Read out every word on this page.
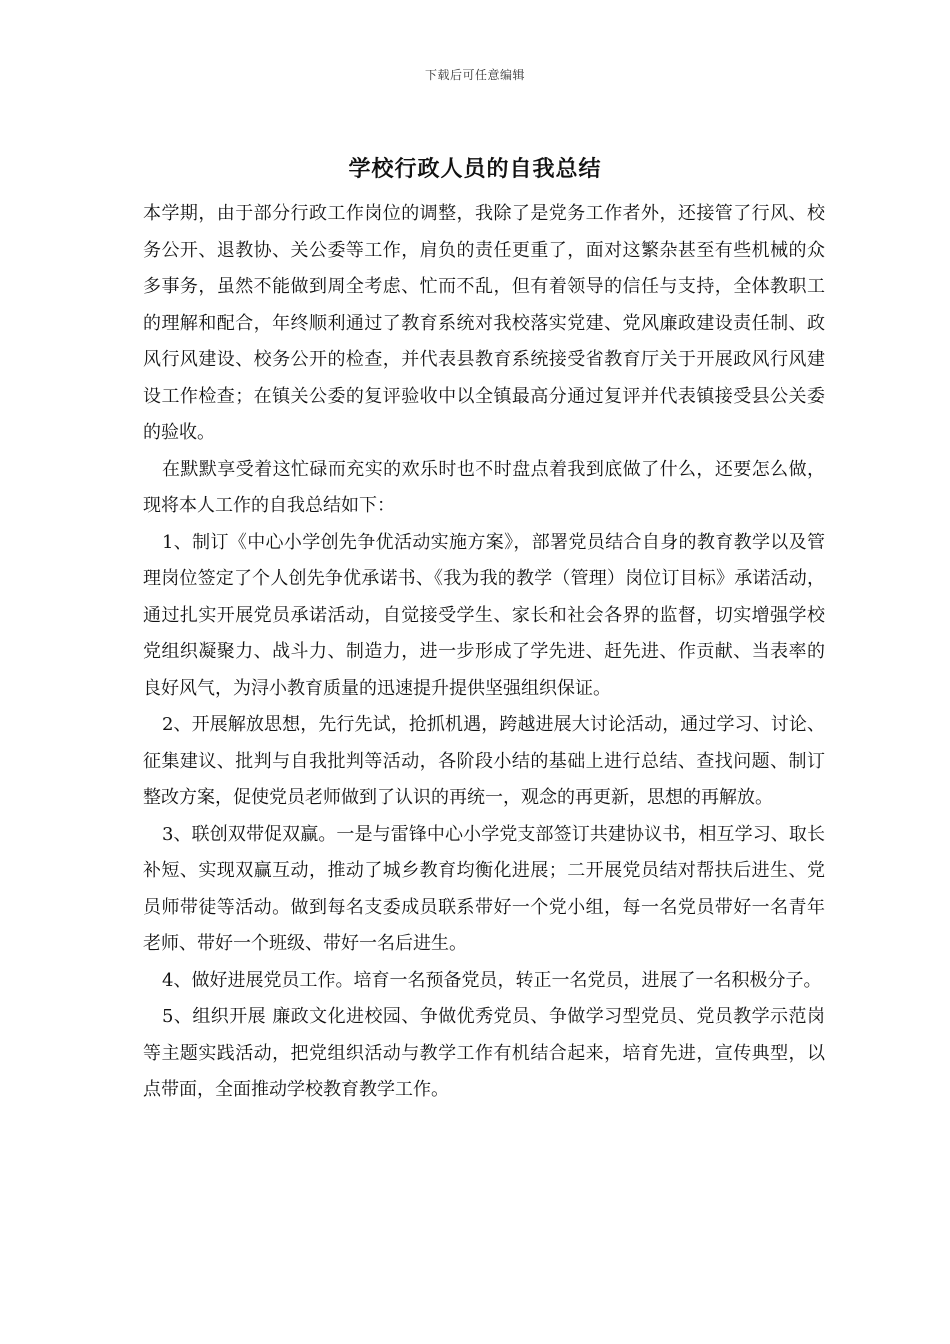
下载后可任意编辑
学校行政人员的自我总结

本学期，由于部分行政工作岗位的调整，我除了是党务工作者外，还接管了行风、校务公开、退教协、关公委等工作，肩负的责任更重了，面对这繁杂甚至有些机械的众多事务，虽然不能做到周全考虑、忙而不乱，但有着领导的信任与支持，全体教职工的理解和配合，年终顺利通过了教育系统对我校落实党建、党风廉政建设责任制、政风行风建设、校务公开的检查，并代表县教育系统接受省教育厅关于开展政风行风建设工作检查；在镇关公委的复评验收中以全镇最高分通过复评并代表镇接受县公关委的验收。

在默默享受着这忙碌而充实的欢乐时也不时盘点着我到底做了什么，还要怎么做，现将本人工作的自我总结如下：

1、制订《中心小学创先争优活动实施方案》，部署党员结合自身的教育教学以及管理岗位签定了个人创先争优承诺书、《我为我的教学（管理）岗位订目标》承诺活动，通过扎实开展党员承诺活动，自觉接受学生、家长和社会各界的监督，切实增强学校党组织凝聚力、战斗力、制造力，进一步形成了学先进、赶先进、作贡献、当表率的良好风气，为浔小教育质量的迅速提升提供坚强组织保证。

2、开展解放思想，先行先试，抢抓机遇，跨越进展大讨论活动，通过学习、讨论、征集建议、批判与自我批判等活动，各阶段小结的基础上进行总结、查找问题、制订整改方案，促使党员老师做到了认识的再统一，观念的再更新，思想的再解放。

3、联创双带促双赢。一是与雷锋中心小学党支部签订共建协议书，相互学习、取长补短、实现双赢互动，推动了城乡教育均衡化进展；二开展党员结对帮扶后进生、党员师带徒等活动。做到每名支委成员联系带好一个党小组，每一名党员带好一名青年老师、带好一个班级、带好一名后进生。

4、做好进展党员工作。培育一名预备党员，转正一名党员，进展了一名积极分子。

5、组织开展 廉政文化进校园、争做优秀党员、争做学习型党员、党员教学示范岗等主题实践活动，把党组织活动与教学工作有机结合起来，培育先进，宣传典型，以点带面，全面推动学校教育教学工作。
